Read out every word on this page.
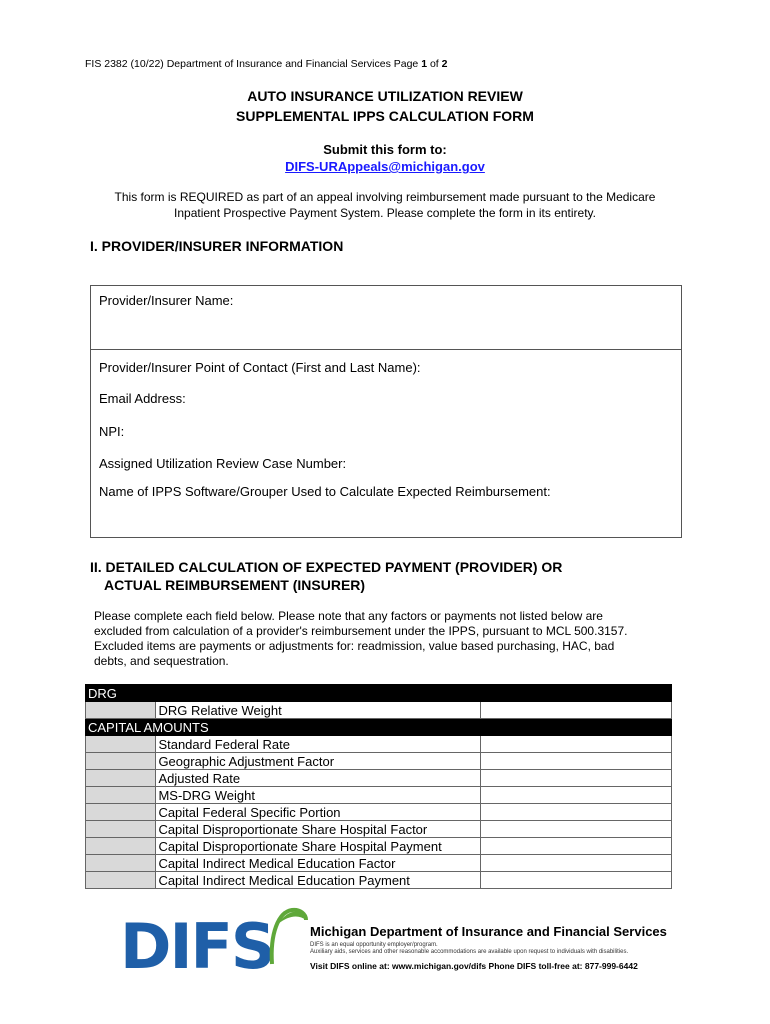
FIS 2382 (10/22) Department of Insurance and Financial Services Page 1 of 2
AUTO INSURANCE UTILIZATION REVIEW
SUPPLEMENTAL IPPS CALCULATION FORM
Submit this form to:
DIFS-URAppeals@michigan.gov
This form is REQUIRED as part of an appeal involving reimbursement made pursuant to the Medicare
Inpatient Prospective Payment System. Please complete the form in its entirety.
I. PROVIDER/INSURER INFORMATION
Provider/Insurer Name:
Provider/Insurer Point of Contact (First and Last Name):
Email Address:
NPI:
Assigned Utilization Review Case Number:
Name of IPPS Software/Grouper Used to Calculate Expected Reimbursement:
II. DETAILED CALCULATION OF EXPECTED PAYMENT (PROVIDER) OR
ACTUAL REIMBURSEMENT (INSURER)
Please complete each field below. Please note that any factors or payments not listed below are
excluded from calculation of a provider's reimbursement under the IPPS, pursuant to MCL 500.3157.
Excluded items are payments or adjustments for: readmission, value based purchasing, HAC, bad
debts, and sequestration.
DRG		
	DRG Relative Weight	
CAPITAL AMOUNTS		
	Standard Federal Rate	
	Geographic Adjustment Factor	
	Adjusted Rate	
	MS-DRG Weight	
	Capital Federal Specific Portion	
	Capital Disproportionate Share Hospital Factor	
	Capital Disproportionate Share Hospital Payment	
	Capital Indirect Medical Education Factor	
	Capital Indirect Medical Education Payment	
DIFS	Michigan Department of Insurance and Financial Services
DIFS is an equal opportunity employer/program.
Auxiliary aids, services and other reasonable accommodations are available upon request to individuals with disabilities.
Visit DIFS online at: www.michigan.gov/difs Phone DIFS toll-free at: 877-999-6442
